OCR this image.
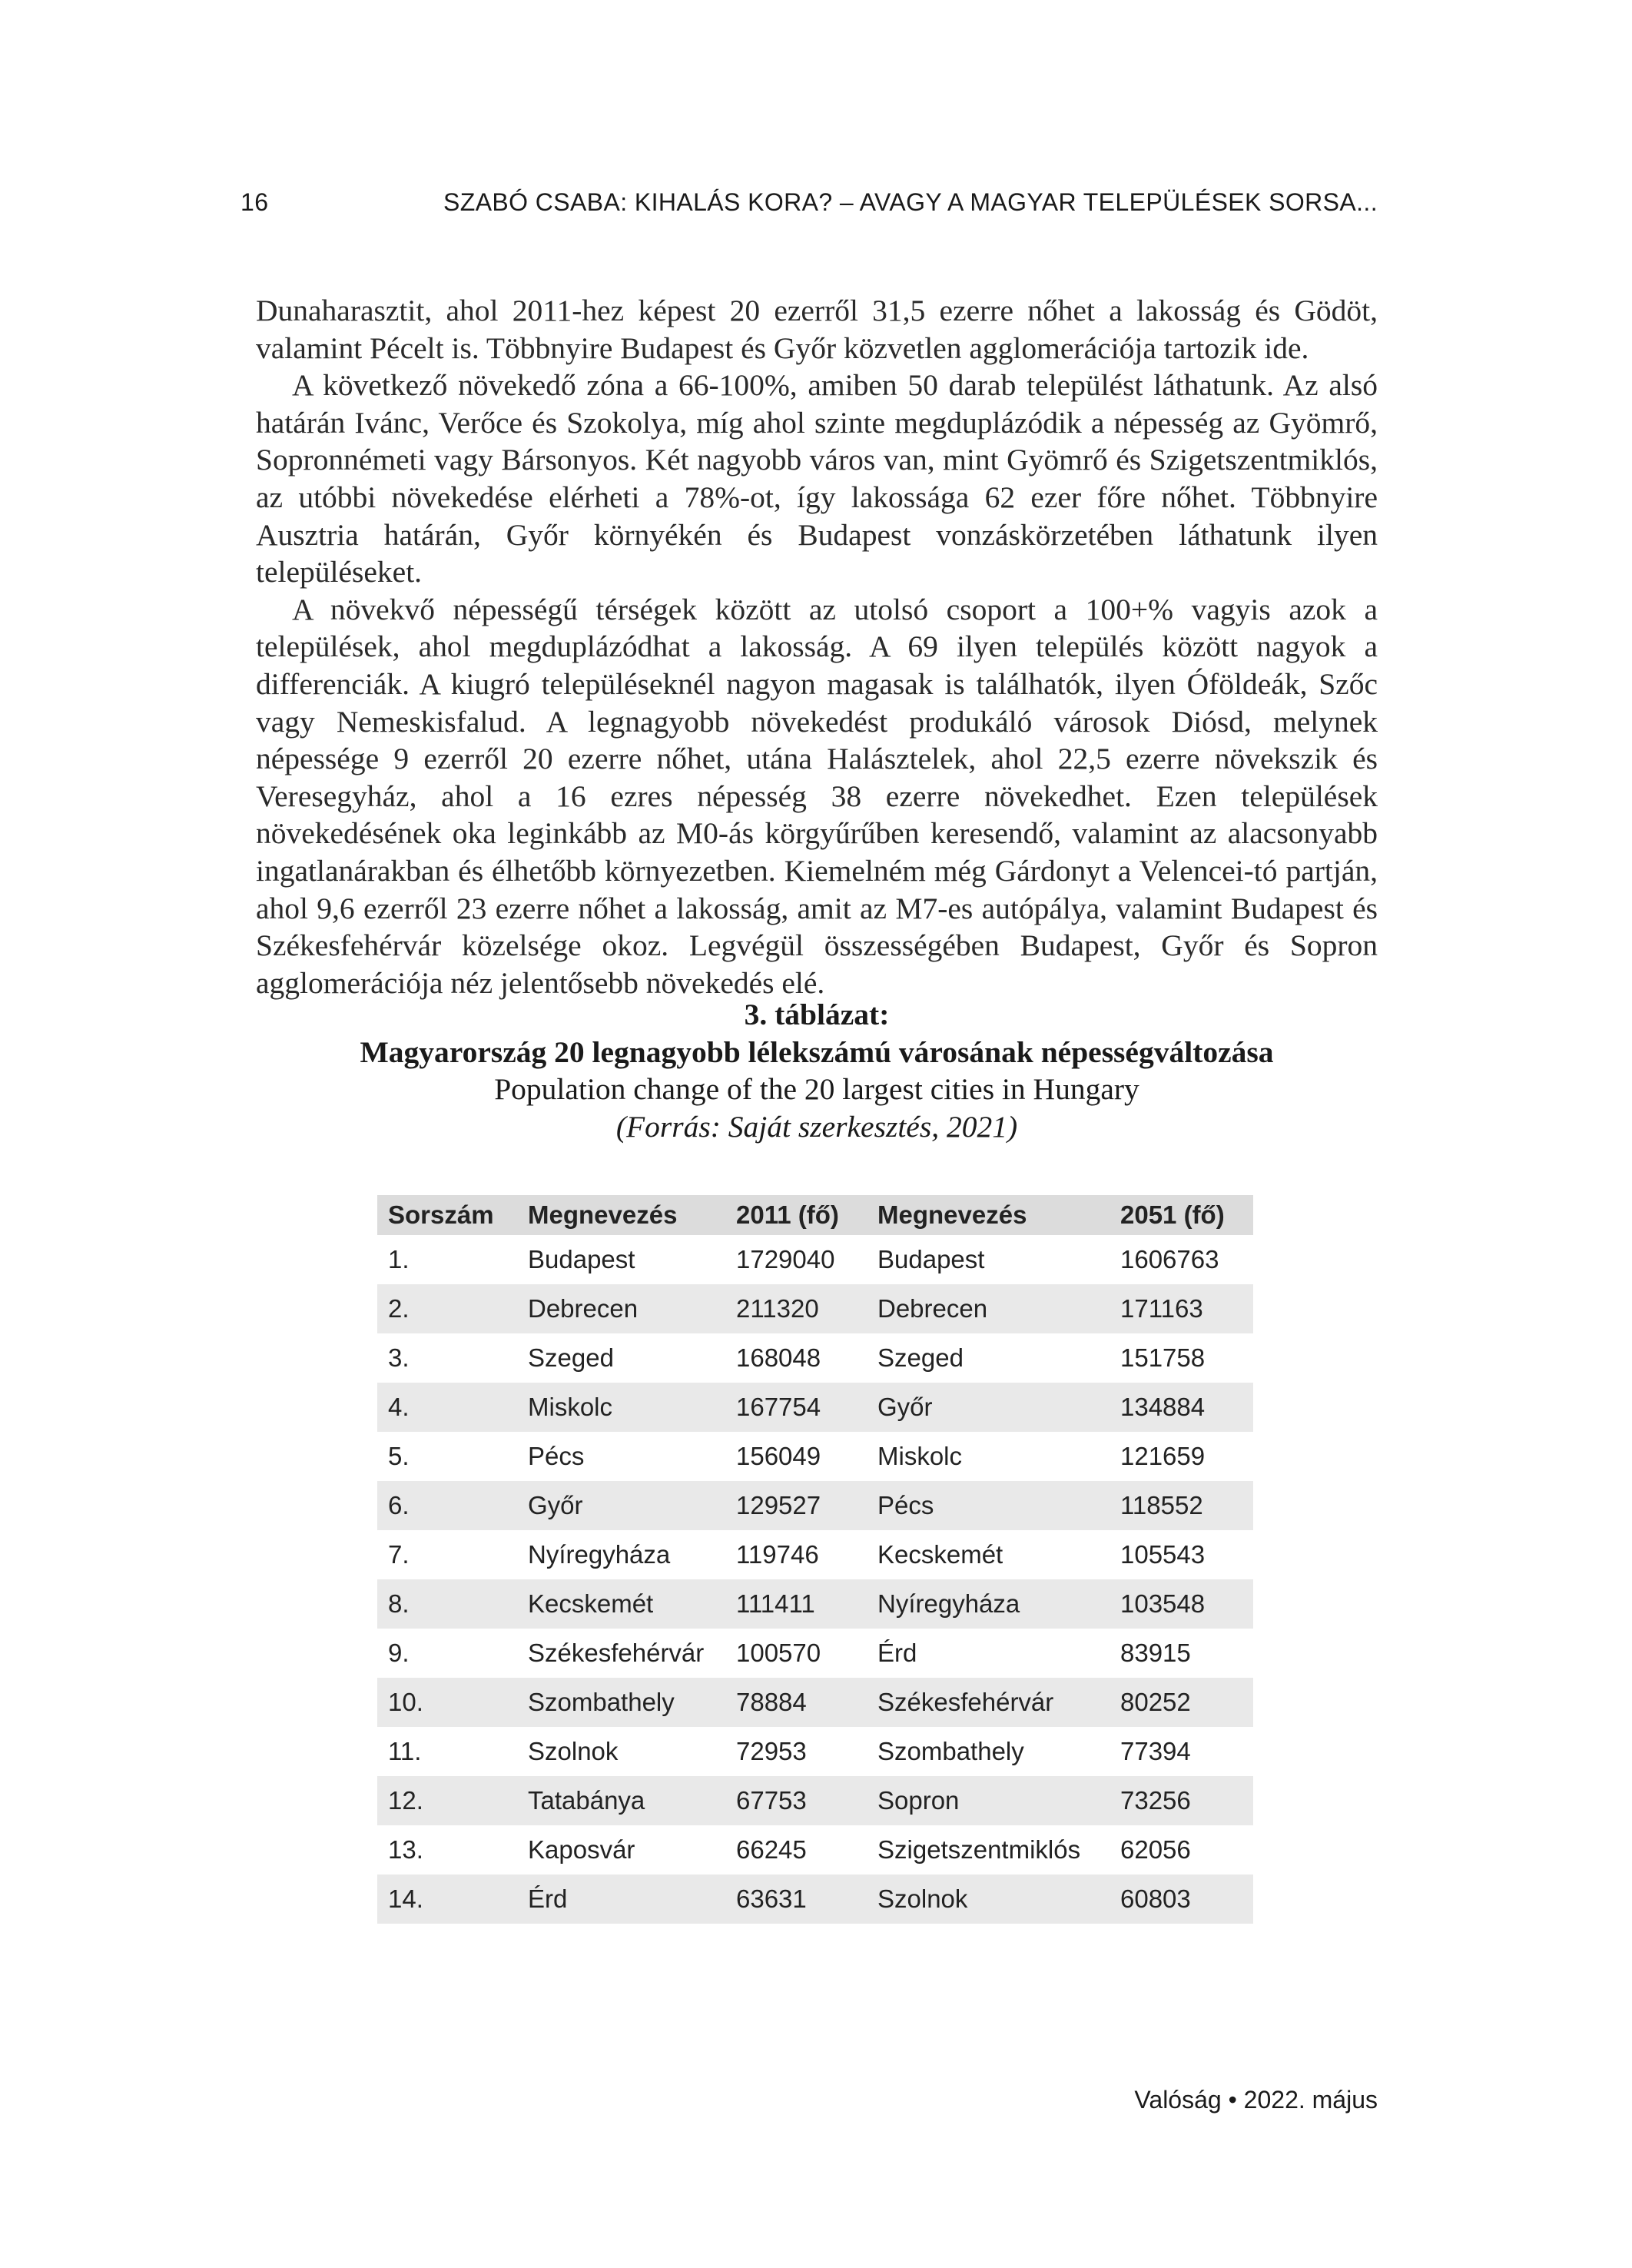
16	SZABÓ CSABA: KIHALÁS KORA? – AVAGY A MAGYAR TELEPÜLÉSEK SORSA...

Dunaharasztit, ahol 2011-hez képest 20 ezerről 31,5 ezerre nőhet a lakosság és Gödöt, valamint Pécelt is. Többnyire Budapest és Győr közvetlen agglomerációja tartozik ide.

A következő növekedő zóna a 66-100%, amiben 50 darab települést láthatunk. Az alsó határán Ivánc, Verőce és Szokolya, míg ahol szinte megduplázódik a népesség az Gyömrő, Sopronnémeti vagy Bársonyos. Két nagyobb város van, mint Gyömrő és Szigetszentmiklós, az utóbbi növekedése elérheti a 78%-ot, így lakossága 62 ezer főre nőhet. Többnyire Ausztria határán, Győr környékén és Budapest vonzáskörzetében láthatunk ilyen településeket.

A növekvő népességű térségek között az utolsó csoport a 100+% vagyis azok a települések, ahol megduplázódhat a lakosság. A 69 ilyen település között nagyok a differenciák. A kiugró településeknél nagyon magasak is találhatók, ilyen Óföldeák, Szőc vagy Nemeskisfalud. A legnagyobb növekedést produkáló városok Diósd, melynek népessége 9 ezerről 20 ezerre nőhet, utána Halásztelek, ahol 22,5 ezerre növekszik és Veresegyház, ahol a 16 ezres népesség 38 ezerre növekedhet. Ezen települések növekedésének oka leginkább az M0-ás körgyűrűben keresendő, valamint az alacsonyabb ingatlanárakban és élhetőbb környezetben. Kiemelném még Gárdonyt a Velencei-tó partján, ahol 9,6 ezerről 23 ezerre nőhet a lakosság, amit az M7-es autópálya, valamint Budapest és Székesfehérvár közelsége okoz. Legvégül összességében Budapest, Győr és Sopron agglomerációja néz jelentősebb növekedés elé.

3. táblázat:
Magyarország 20 legnagyobb lélekszámú városának népességváltozása
Population change of the 20 largest cities in Hungary
(Forrás: Saját szerkesztés, 2021)
Sorszám	Megnevezés	2011 (fő)	Megnevezés	2051 (fő)
1.	Budapest	1729040	Budapest	1606763
2.	Debrecen	211320	Debrecen	171163
3.	Szeged	168048	Szeged	151758
4.	Miskolc	167754	Győr	134884
5.	Pécs	156049	Miskolc	121659
6.	Győr	129527	Pécs	118552
7.	Nyíregyháza	119746	Kecskemét	105543
8.	Kecskemét	111411	Nyíregyháza	103548
9.	Székesfehérvár	100570	Érd	83915
10.	Szombathely	78884	Székesfehérvár	80252
11.	Szolnok	72953	Szombathely	77394
12.	Tatabánya	67753	Sopron	73256
13.	Kaposvár	66245	Szigetszentmiklós	62056
14.	Érd	63631	Szolnok	60803
Valóság • 2022. május
